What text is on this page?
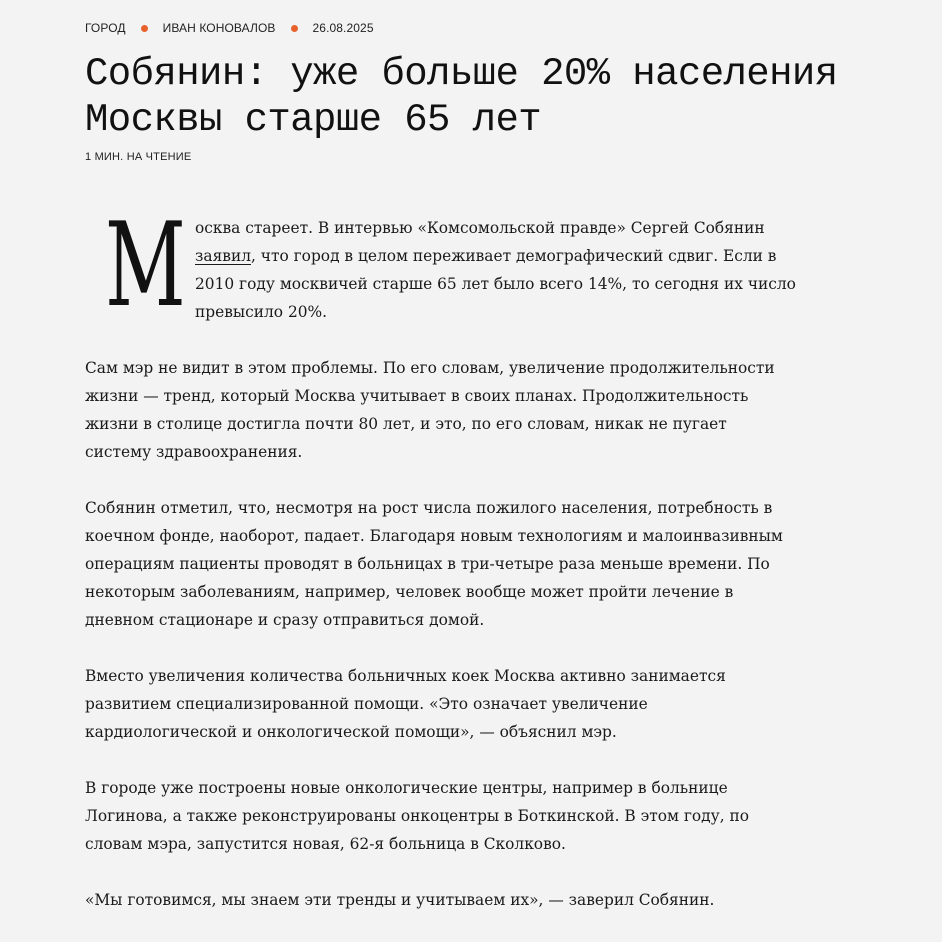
ГОРОД	ИВАН КОНОВАЛОВ	26.08.2025
Собянин: уже больше 20% населения Москвы старше 65 лет
1 МИН. НА ЧТЕНИЕ

М осква стареет. В интервью «Комсомольской правде» Сергей Собянин заявил, что город в целом переживает демографический сдвиг. Если в 2010 году москвичей старше 65 лет было всего 14%, то сегодня их число превысило 20%.

Сам мэр не видит в этом проблемы. По его словам, увеличение продолжительности жизни — тренд, который Москва учитывает в своих планах. Продолжительность жизни в столице достигла почти 80 лет, и это, по его словам, никак не пугает систему здравоохранения.

Собянин отметил, что, несмотря на рост числа пожилого населения, потребность в коечном фонде, наоборот, падает. Благодаря новым технологиям и малоинвазивным операциям пациенты проводят в больницах в три-четыре раза меньше времени. По некоторым заболеваниям, например, человек вообще может пройти лечение в дневном стационаре и сразу отправиться домой.

Вместо увеличения количества больничных коек Москва активно занимается развитием специализированной помощи. «Это означает увеличение кардиологической и онкологической помощи», — объяснил мэр.

В городе уже построены новые онкологические центры, например в больнице Логинова, а также реконструированы онкоцентры в Боткинской. В этом году, по словам мэра, запустится новая, 62-я больница в Сколково.

«Мы готовимся, мы знаем эти тренды и учитываем их», — заверил Собянин.
